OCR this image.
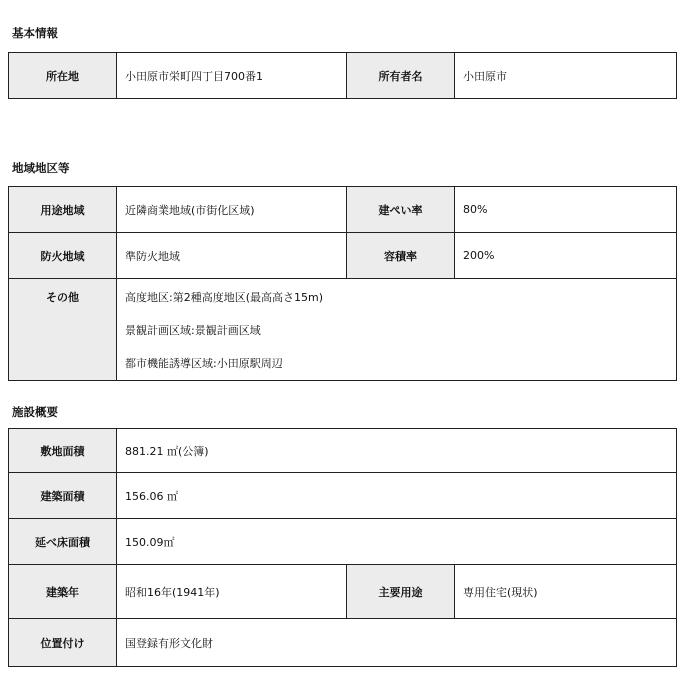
基本情報
所在地	小田原市栄町四丁目700番1	所有者名	小田原市
地域地区等
用途地域	近隣商業地域(市街化区域)	建ぺい率	80%
防火地域	準防火地域	容積率	200%
その他	高度地区:第2種高度地区(最高高さ15m)
景観計画区域:景観計画区域
都市機能誘導区域:小田原駅周辺		
施設概要
敷地面積	881.21 ㎡(公簿)		
建築面積	156.06 ㎡		
延べ床面積	150.09㎡		
建築年	昭和16年(1941年)	主要用途	専用住宅(現状)
位置付け	国登録有形文化財		
